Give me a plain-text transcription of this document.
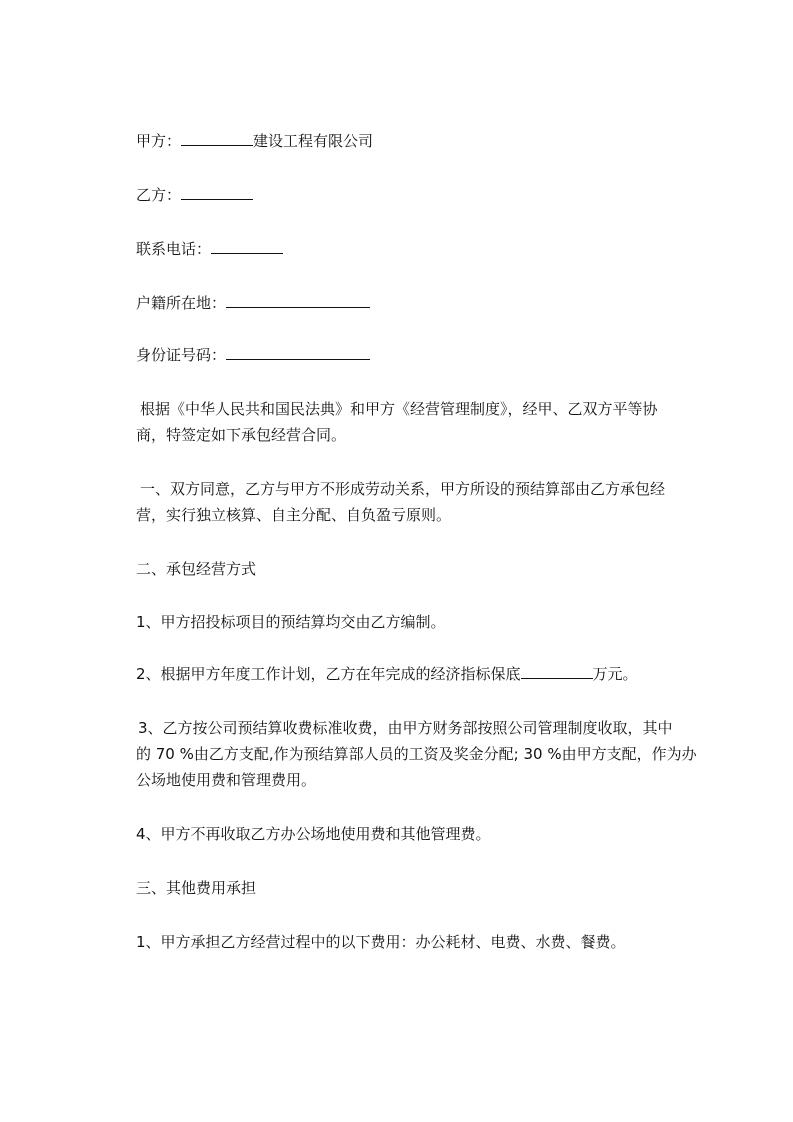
甲方：	建设工程有限公司
乙方：
联系电话：
户籍所在地：
身份证号码：
根据《中华人民共和国民法典》和甲方《经营管理制度》，经甲、乙双方平等协
商，特签定如下承包经营合同。
一、双方同意，乙方与甲方不形成劳动关系，甲方所设的预结算部由乙方承包经
营，实行独立核算、自主分配、自负盈亏原则。
二、承包经营方式
1、甲方招投标项目的预结算均交由乙方编制。
2、根据甲方年度工作计划，乙方在年完成的经济指标保底	万元。
3、乙方按公司预结算收费标准收费，由甲方财务部按照公司管理制度收取，其中
的 70 %由乙方支配,作为预结算部人员的工资及奖金分配; 30 %由甲方支配，作为办
公场地使用费和管理费用。
4、甲方不再收取乙方办公场地使用费和其他管理费。
三、其他费用承担
1、甲方承担乙方经营过程中的以下费用：办公耗材、电费、水费、餐费。
